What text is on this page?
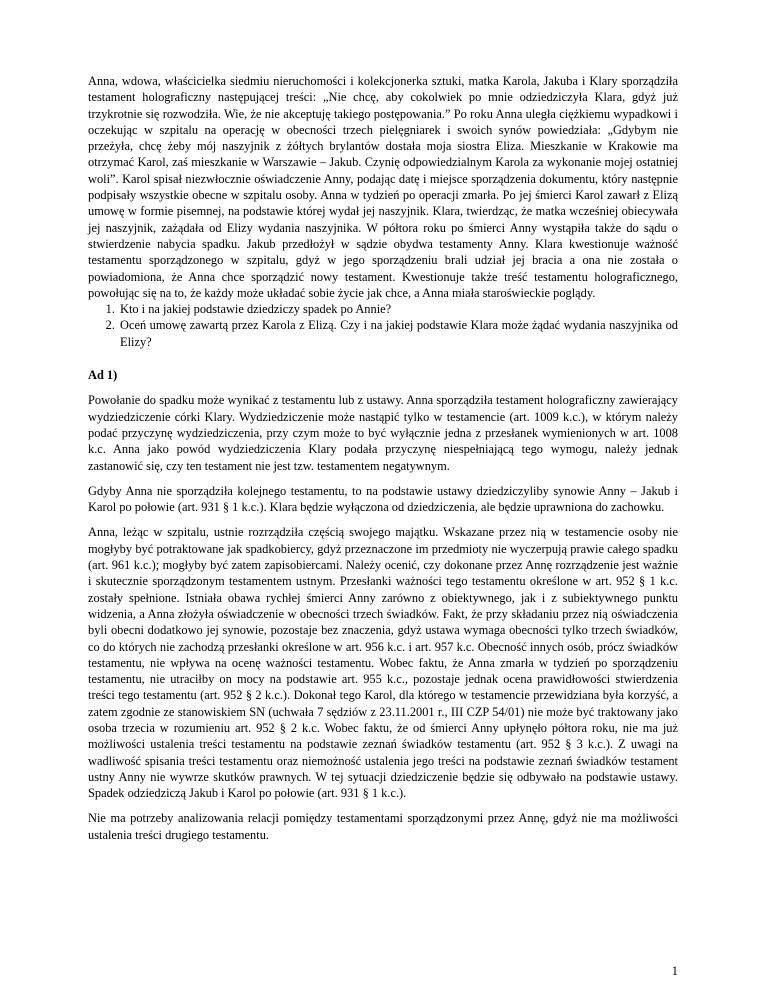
Anna, wdowa, właścicielka siedmiu nieruchomości i kolekcjonerka sztuki, matka Karola, Jakuba i Klary sporządziła testament holograficzny następującej treści: „Nie chcę, aby cokolwiek po mnie odziedziczyła Klara, gdyż już trzykrotnie się rozwodziła. Wie, że nie akceptuję takiego postępowania.” Po roku Anna uległa ciężkiemu wypadkowi i oczekując w szpitalu na operację w obecności trzech pielęgniarek i swoich synów powiedziała: „Gdybym nie przeżyła, chcę żeby mój naszyjnik z żółtych brylantów dostała moja siostra Eliza. Mieszkanie w Krakowie ma otrzymać Karol, zaś mieszkanie w Warszawie – Jakub. Czynię odpowiedzialnym Karola za wykonanie mojej ostatniej woli”. Karol spisał niezwłocznie oświadczenie Anny, podając datę i miejsce sporządzenia dokumentu, który następnie podpisały wszystkie obecne w szpitalu osoby. Anna w tydzień po operacji zmarła. Po jej śmierci Karol zawarł z Elizą umowę w formie pisemnej, na podstawie której wydał jej naszyjnik. Klara, twierdząc, że matka wcześniej obiecywała jej naszyjnik, zażądała od Elizy wydania naszyjnika. W półtora roku po śmierci Anny wystąpiła także do sądu o stwierdzenie nabycia spadku. Jakub przedłożył w sądzie obydwa testamenty Anny. Klara kwestionuje ważność testamentu sporządzonego w szpitalu, gdyż w jego sporządzeniu brali udział jej bracia a ona nie została o powiadomiona, że Anna chce sporządzić nowy testament. Kwestionuje także treść testamentu holograficznego, powołując się na to, że każdy może układać sobie życie jak chce, a Anna miała staroświeckie poglądy.

1. Kto i na jakiej podstawie dziedziczy spadek po Annie?
2. Oceń umowę zawartą przez Karola z Elizą. Czy i na jakiej podstawie Klara może żądać wydania naszyjnika od Elizy?

Ad 1)

Powołanie do spadku może wynikać z testamentu lub z ustawy. Anna sporządziła testament holograficzny zawierający wydziedziczenie córki Klary. Wydziedziczenie może nastąpić tylko w testamencie (art. 1009 k.c.), w którym należy podać przyczynę wydziedziczenia, przy czym może to być wyłącznie jedna z przesłanek wymienionych w art. 1008 k.c. Anna jako powód wydziedziczenia Klary podała przyczynę niespełniającą tego wymogu, należy jednak zastanowić się, czy ten testament nie jest tzw. testamentem negatywnym.

Gdyby Anna nie sporządziła kolejnego testamentu, to na podstawie ustawy dziedziczyliby synowie Anny – Jakub i Karol po połowie (art. 931 § 1 k.c.). Klara będzie wyłączona od dziedziczenia, ale będzie uprawniona do zachowku.

Anna, leżąc w szpitalu, ustnie rozrządziła częścią swojego majątku. Wskazane przez nią w testamencie osoby nie mogłyby być potraktowane jak spadkobiercy, gdyż przeznaczone im przedmioty nie wyczerpują prawie całego spadku (art. 961 k.c.); mogłyby być zatem zapisobiercami. Należy ocenić, czy dokonane przez Annę rozrządzenie jest ważnie i skutecznie sporządzonym testamentem ustnym. Przesłanki ważności tego testamentu określone w art. 952 § 1 k.c. zostały spełnione. Istniała obawa rychłej śmierci Anny zarówno z obiektywnego, jak i z subiektywnego punktu widzenia, a Anna złożyła oświadczenie w obecności trzech świadków. Fakt, że przy składaniu przez nią oświadczenia byli obecni dodatkowo jej synowie, pozostaje bez znaczenia, gdyż ustawa wymaga obecności tylko trzech świadków, co do których nie zachodzą przesłanki określone w art. 956 k.c. i art. 957 k.c. Obecność innych osób, prócz świadków testamentu, nie wpływa na ocenę ważności testamentu. Wobec faktu, że Anna zmarła w tydzień po sporządzeniu testamentu, nie utraciłby on mocy na podstawie art. 955 k.c., pozostaje jednak ocena prawidłowości stwierdzenia treści tego testamentu (art. 952 § 2 k.c.). Dokonał tego Karol, dla którego w testamencie przewidziana była korzyść, a zatem zgodnie ze stanowiskiem SN (uchwała 7 sędziów z 23.11.2001 r., III CZP 54/01) nie może być traktowany jako osoba trzecia w rozumieniu art. 952 § 2 k.c. Wobec faktu, że od śmierci Anny upłynęło półtora roku, nie ma już możliwości ustalenia treści testamentu na podstawie zeznań świadków testamentu (art. 952 § 3 k.c.). Z uwagi na wadliwość spisania treści testamentu oraz niemożność ustalenia jego treści na podstawie zeznań świadków testament ustny Anny nie wywrze skutków prawnych. W tej sytuacji dziedziczenie będzie się odbywało na podstawie ustawy. Spadek odziedziczą Jakub i Karol po połowie (art. 931 § 1 k.c.).

Nie ma potrzeby analizowania relacji pomiędzy testamentami sporządzonymi przez Annę, gdyż nie ma możliwości ustalenia treści drugiego testamentu.

1
